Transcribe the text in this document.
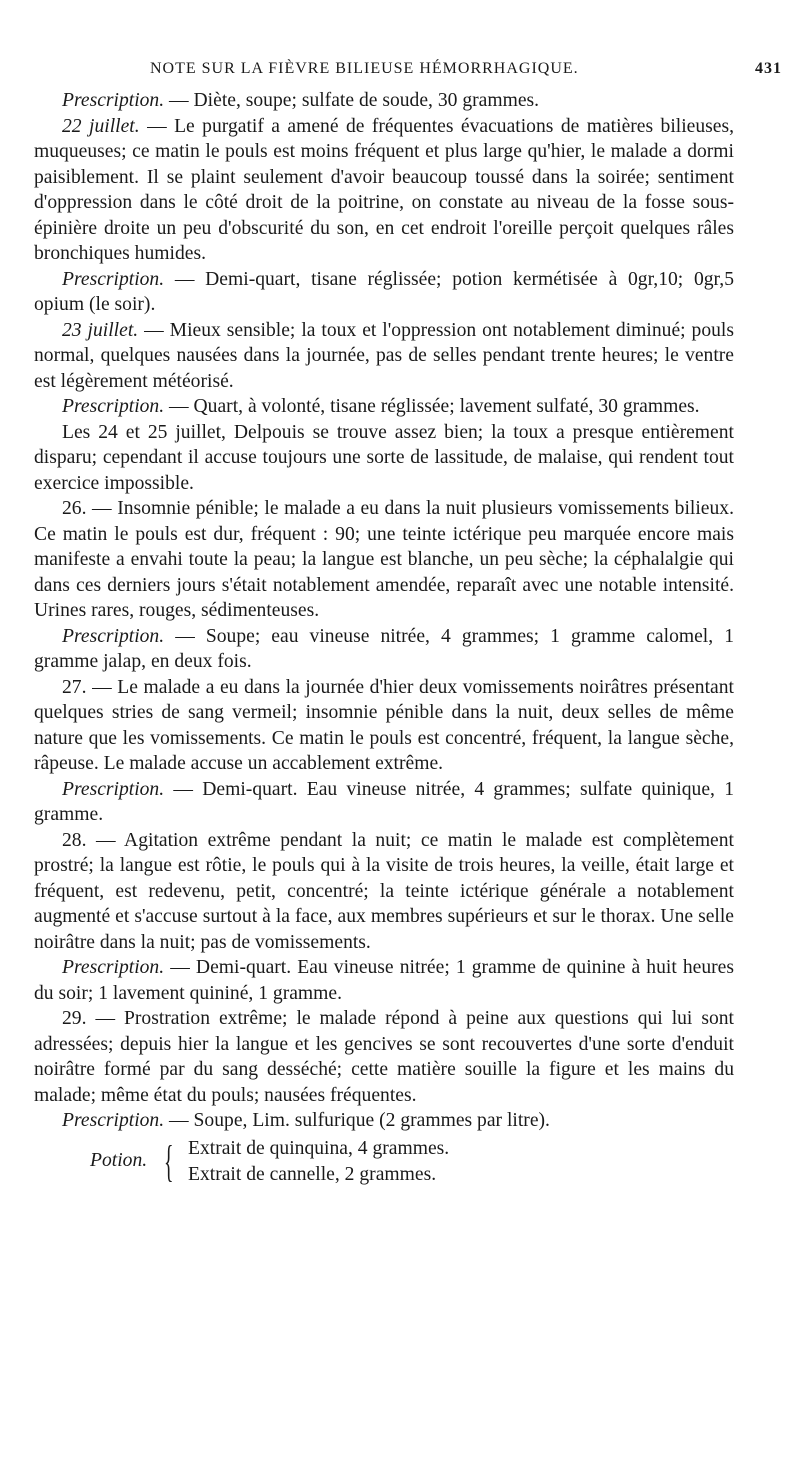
NOTE SUR LA FIÈVRE BILIEUSE HÉMORRHAGIQUE.	431

Prescription. — Diète, soupe; sulfate de soude, 30 grammes.

22 juillet. — Le purgatif a amené de fréquentes évacuations de matières bilieuses, muqueuses; ce matin le pouls est moins fréquent et plus large qu'hier, le malade a dormi paisiblement. Il se plaint seulement d'avoir beaucoup toussé dans la soirée; sentiment d'oppression dans le côté droit de la poitrine, on constate au niveau de la fosse sous-épinière droite un peu d'obscurité du son, en cet endroit l'oreille perçoit quelques râles bronchiques humides.

Prescription. — Demi-quart, tisane réglissée; potion kermétisée à 0gr,10; 0gr,5 opium (le soir).

23 juillet. — Mieux sensible; la toux et l'oppression ont notablement diminué; pouls normal, quelques nausées dans la journée, pas de selles pendant trente heures; le ventre est légèrement météorisé.

Prescription. — Quart, à volonté, tisane réglissée; lavement sulfaté, 30 grammes.

Les 24 et 25 juillet, Delpouis se trouve assez bien; la toux a presque entièrement disparu; cependant il accuse toujours une sorte de lassitude, de malaise, qui rendent tout exercice impossible.

26. — Insomnie pénible; le malade a eu dans la nuit plusieurs vomissements bilieux. Ce matin le pouls est dur, fréquent : 90; une teinte ictérique peu marquée encore mais manifeste a envahi toute la peau; la langue est blanche, un peu sèche; la céphalalgie qui dans ces derniers jours s'était notablement amendée, reparaît avec une notable intensité. Urines rares, rouges, sédimenteuses.

Prescription. — Soupe; eau vineuse nitrée, 4 grammes; 1 gramme calomel, 1 gramme jalap, en deux fois.

27. — Le malade a eu dans la journée d'hier deux vomissements noirâtres présentant quelques stries de sang vermeil; insomnie pénible dans la nuit, deux selles de même nature que les vomissements. Ce matin le pouls est concentré, fréquent, la langue sèche, râpeuse. Le malade accuse un accablement extrême.

Prescription. — Demi-quart. Eau vineuse nitrée, 4 grammes; sulfate quinique, 1 gramme.

28. — Agitation extrême pendant la nuit; ce matin le malade est complètement prostré; la langue est rôtie, le pouls qui à la visite de trois heures, la veille, était large et fréquent, est redevenu, petit, concentré; la teinte ictérique générale a notablement augmenté et s'accuse surtout à la face, aux membres supérieurs et sur le thorax. Une selle noirâtre dans la nuit; pas de vomissements.

Prescription. — Demi-quart. Eau vineuse nitrée; 1 gramme de quinine à huit heures du soir; 1 lavement quininé, 1 gramme.

29. — Prostration extrême; le malade répond à peine aux questions qui lui sont adressées; depuis hier la langue et les gencives se sont recouvertes d'une sorte d'enduit noirâtre formé par du sang desséché; cette matière souille la figure et les mains du malade; même état du pouls; nausées fréquentes.

Prescription. — Soupe, Lim. sulfurique (2 grammes par litre).

Potion. { Extrait de quinquina, 4 grammes.
Extrait de cannelle, 2 grammes.
